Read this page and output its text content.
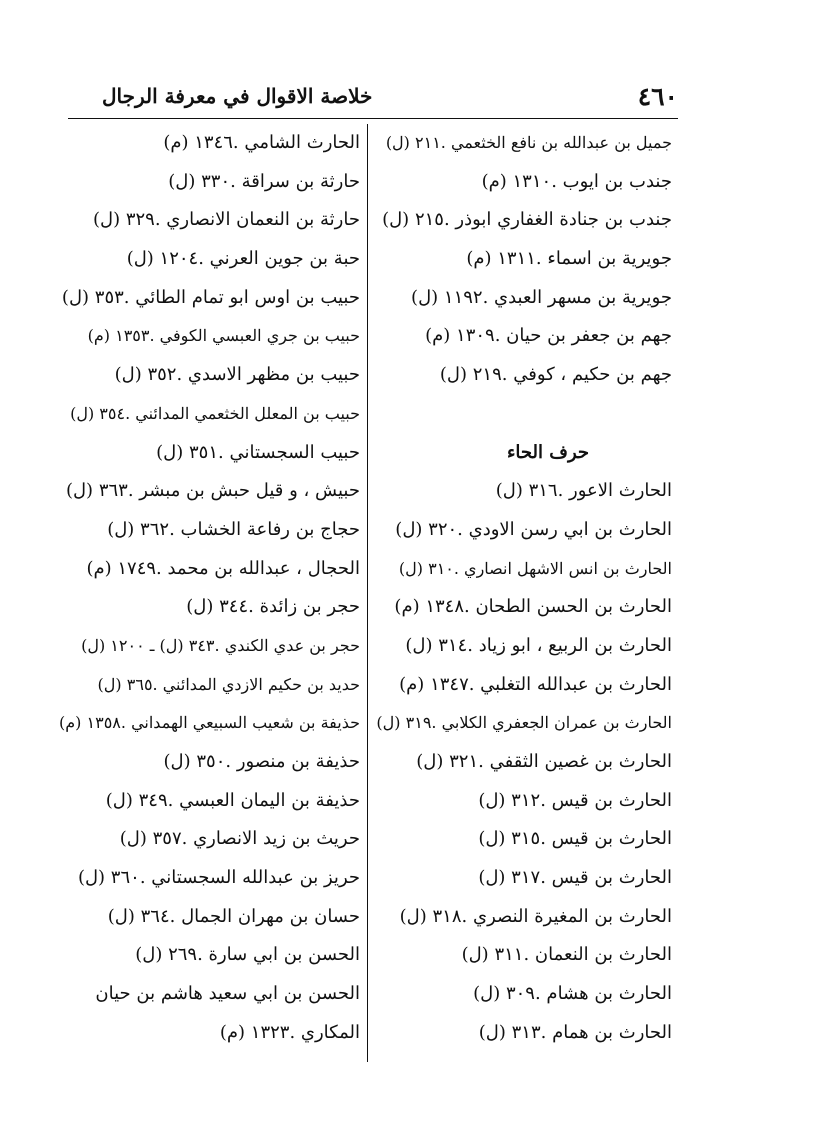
٤٦٠
خلاصة الاقوال في معرفة الرجال
جميل بن عبدالله بن نافع الخثعمي .٢١١ (ل)
جندب بن ايوب .١٣١٠ (م)
جندب بن جنادة الغفاري ابوذر .٢١٥ (ل)
جويرية بن اسماء .١٣١١ (م)
جويرية بن مسهر العبدي .١١٩٢ (ل)
جهم بن جعفر بن حيان .١٣٠٩ (م)
جهم بن حكيم ، كوفي .٢١٩ (ل)
حرف الحاء
الحارث الاعور .٣١٦ (ل)
الحارث بن ابي رسن الاودي .٣٢٠ (ل)
الحارث بن انس الاشهل انصاري .٣١٠ (ل)
الحارث بن الحسن الطحان .١٣٤٨ (م)
الحارث بن الربيع ، ابو زياد .٣١٤ (ل)
الحارث بن عبدالله التغلبي .١٣٤٧ (م)
الحارث بن عمران الجعفري الكلابي .٣١٩ (ل)
الحارث بن غصين الثقفي .٣٢١ (ل)
الحارث بن قيس .٣١٢ (ل)
الحارث بن قيس .٣١٥ (ل)
الحارث بن قيس .٣١٧ (ل)
الحارث بن المغيرة النصري .٣١٨ (ل)
الحارث بن النعمان .٣١١ (ل)
الحارث بن هشام .٣٠٩ (ل)
الحارث بن همام .٣١٣ (ل)
الحارث الشامي .١٣٤٦ (م)
حارثة بن سراقة .٣٣٠ (ل)
حارثة بن النعمان الانصاري .٣٢٩ (ل)
حبة بن جوين العرني .١٢٠٤ (ل)
حبيب بن اوس ابو تمام الطائي .٣٥٣ (ل)
حبيب بن جري العبسي الكوفي .١٣٥٣ (م)
حبيب بن مظهر الاسدي .٣٥٢ (ل)
حبيب بن المعلل الخثعمي المدائني .٣٥٤ (ل)
حبيب السجستاني .٣٥١ (ل)
حبيش ، و قيل حبش بن مبشر .٣٦٣ (ل)
حجاج بن رفاعة الخشاب .٣٦٢ (ل)
الحجال ، عبدالله بن محمد .١٧٤٩ (م)
حجر بن زائدة .٣٤٤ (ل)
حجر بن عدي الكندي .٣٤٣ (ل) ـ ١٢٠٠ (ل)
حديد بن حكيم الازدي المدائني .٣٦٥ (ل)
حذيفة بن شعيب السبيعي الهمداني .١٣٥٨ (م)
حذيفة بن منصور .٣٥٠ (ل)
حذيفة بن اليمان العبسي .٣٤٩ (ل)
حريث بن زيد الانصاري .٣٥٧ (ل)
حريز بن عبدالله السجستاني .٣٦٠ (ل)
حسان بن مهران الجمال .٣٦٤ (ل)
الحسن بن ابي سارة .٢٦٩ (ل)
الحسن بن ابي سعيد هاشم بن حيان
المكاري .١٣٢٣ (م)
